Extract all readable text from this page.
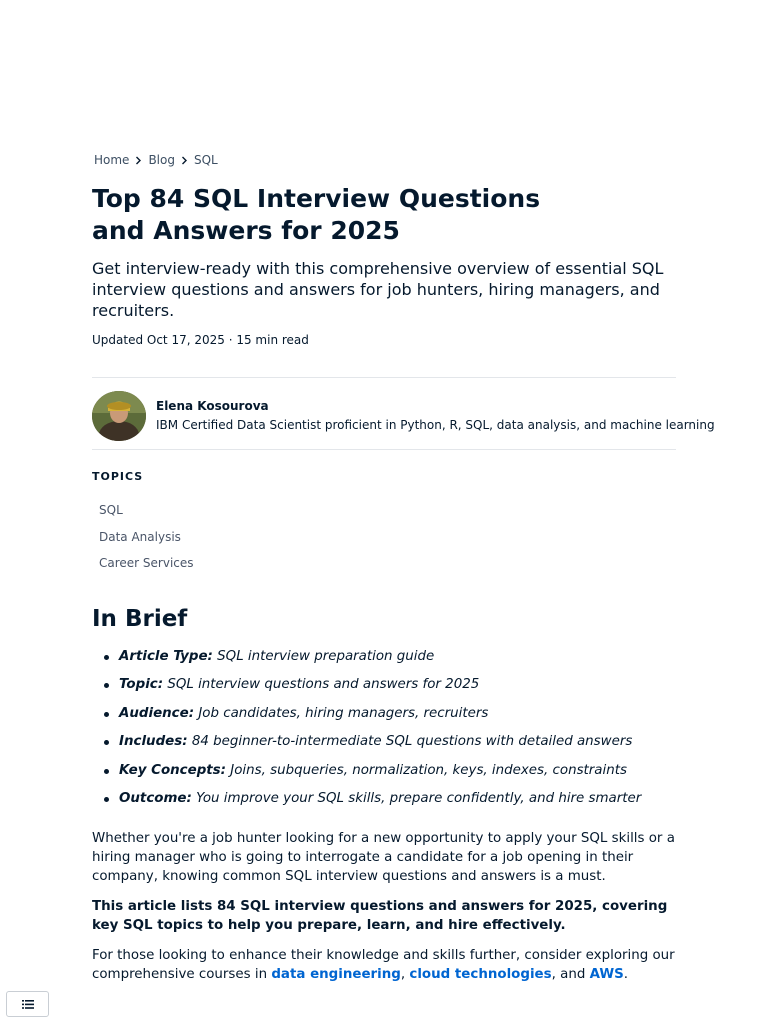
Home Blog SQL
Top 84 SQL Interview Questions
and Answers for 2025

Get interview-ready with this comprehensive overview of essential SQL interview questions and answers for job hunters, hiring managers, and recruiters.

Updated Oct 17, 2025 · 15 min read
Elena Kosourova
IBM Certified Data Scientist proficient in Python, R, SQL, data analysis, and machine learning
TOPICS
SQL
Data Analysis
Career Services
In Brief
Article Type: SQL interview preparation guide
Topic: SQL interview questions and answers for 2025
Audience: Job candidates, hiring managers, recruiters
Includes: 84 beginner-to-intermediate SQL questions with detailed answers
Key Concepts: Joins, subqueries, normalization, keys, indexes, constraints
Outcome: You improve your SQL skills, prepare confidently, and hire smarter

Whether you're a job hunter looking for a new opportunity to apply your SQL skills or a hiring manager who is going to interrogate a candidate for a job opening in their company, knowing common SQL interview questions and answers is a must.

This article lists 84 SQL interview questions and answers for 2025, covering key SQL topics to help you prepare, learn, and hire effectively.

For those looking to enhance their knowledge and skills further, consider exploring our comprehensive courses in data engineering, cloud technologies, and AWS.
